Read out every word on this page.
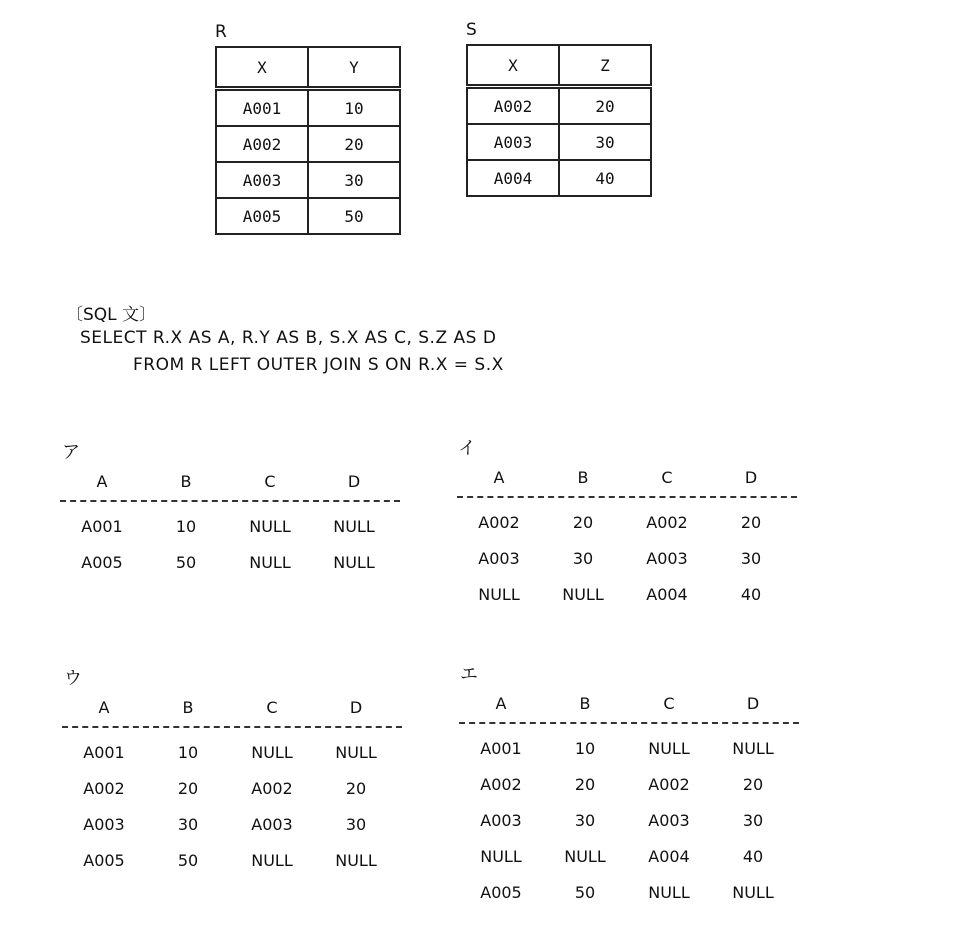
R
X	Y
A001	10
A002	20
A003	30
A005	50
S
X	Z
A002	20
A003	30
A004	40
〔SQL 文〕
SELECT R.X AS A, R.Y AS B, S.X AS C, S.Z AS D
FROM R LEFT OUTER JOIN S ON R.X = S.X
ア
A	B	C	D
A001	10	NULL	NULL
A005	50	NULL	NULL
イ
A	B	C	D
A002	20	A002	20
A003	30	A003	30
NULL	NULL	A004	40
ウ
A	B	C	D
A001	10	NULL	NULL
A002	20	A002	20
A003	30	A003	30
A005	50	NULL	NULL
エ
A	B	C	D
A001	10	NULL	NULL
A002	20	A002	20
A003	30	A003	30
NULL	NULL	A004	40
A005	50	NULL	NULL
